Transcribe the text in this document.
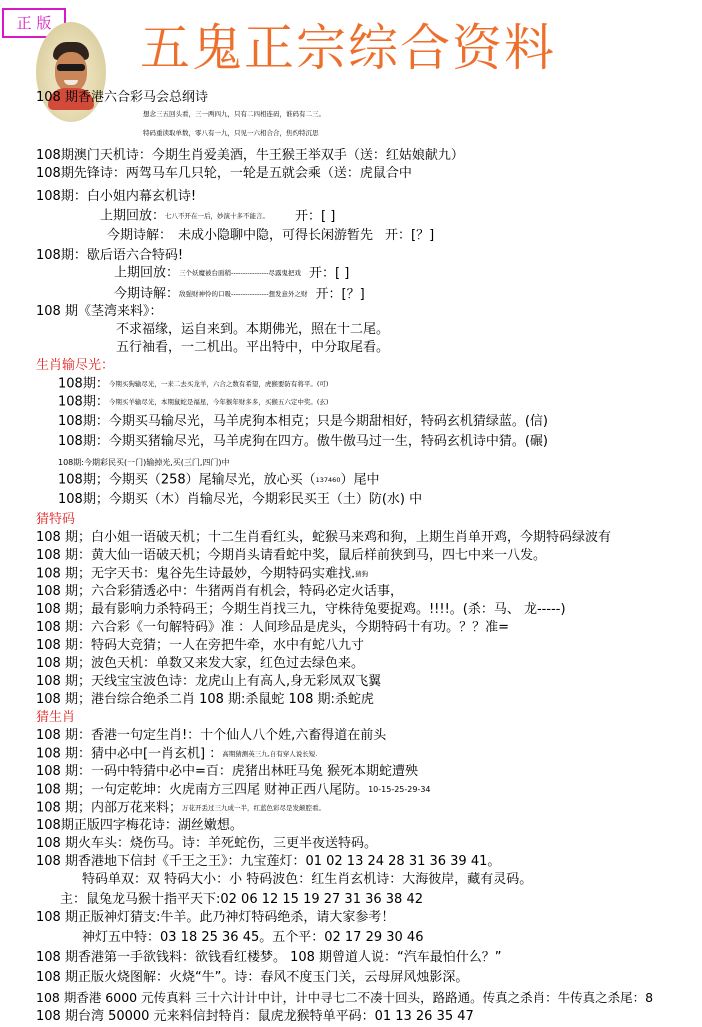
正 版 五鬼正宗综合资料
108 期香港六合彩马会总纲诗
想念三五回头看，三一两四九，只有二四相连码，谁码有二三。
特码重读取单数，零八有一九，只见一六相合合，焦灼特沉思
108期澳门天机诗：今期生肖爱美酒，牛王猴王举双手（送：红姑娘献九）
108期先锋诗：两驾马车几只轮，一轮是五就会乘（送：虎鼠合中
108期：白小姐内幕玄机诗!
上期回放：七八不开在一后，妙演十多不能言。 开：[ ]
今期诗解： 未成小隐聊中隐，可得长闲游暂先 开：[？]
108期：歇后语六合特码!
上期回放：三个妖魔被台面稍----------------尽露鬼把戏 开：[ ]
今期诗解：敌强财神怜的口吸----------------想发意外之财 开：[？]
108 期《茎湾来料》：
不求福缘，运自来到。本期佛光，照在十二尾。
五行袖看，一二机出。平出特中，中分取尾看。
生肖输尽光：
108期：今期买狗输尽光，一来二去买龙羊，六合之数有希望，虎猴要防有将平。(可)
108期：今期买羊输尽光，本期鼠蛇是福星，今年猴年财多多，买猴五六定中奖。(玄)
108期：今期买马输尽光，马羊虎狗本相克；只是今期甜相好，特码玄机猜绿蓝。(信)
108期：今期买猪输尽光，马羊虎狗在四方。傲牛傲马过一生，特码玄机诗中猜。(碾)
108期:今期彩民买(一门)输掉光,买(三门,四门)中
108期；今期买（258）尾输尽光，放心买（137460）尾中
108期；今期买（木）肖输尽光，今期彩民买王（土）防(水) 中
猜特码
108 期；白小姐一语破天机；十二生肖看红头，蛇猴马来鸡和狗，上期生肖单开鸡，今期特码绿波有
108 期：黄大仙一语破天机；今期肖头请看蛇中奖，鼠后样前狭到马，四七中来一八发。
108 期；无字天书：鬼谷先生诗最妙，今期特码实难找.猜狗
108 期；六合彩猜透必中：牛猪两肖有机会，特码必定火话事，
108 期；最有影响力杀特码王；今期生肖找三九，守株待兔要捉鸡。!!!!。(杀：马、 龙-----)
108 期：六合彩《一句解特码》准 ：人间珍品是虎头，今期特码十有功。？？准=
108 期：特码大竞猜；一人在旁把牛牵，水中有蛇八九寸
108 期；波色天机：单数又来发大家，红色过去绿色来。
108 期；天线宝宝波色诗：龙虎山上有高人,身无彩凤双飞翼
108 期；港台综合绝杀二肖 108 期:杀鼠蛇 108 期:杀蛇虎
猜生肖
108 期：香港一句定生肖!：十个仙人八个姓,六畜得道在前头
108 期：猜中必中[一肖玄机] ：高期猜测英三九,自有穿人说长短.
108 期：一码中特猜中必中=百：虎猪出林旺马兔 猴死本期蛇遭殃
108 期；一句定乾坤：火虎南方三四尾 财神正西八尾防。10-15-25-29-34
108 期；内部万花来料；万花开丢过三九成一半，红蓝色彩尽是发颠腔看。
108期正版四字梅花诗：湖丝嫩想。
108 期火车头：烧伤马。诗：羊死蛇伤，三更半夜送特码。
108 期香港地下信封《千王之王》：九宝莲灯：01 02 13 24 28 31 36 39 41。
特码单双：双 特码大小：小 特码波色：红生肖玄机诗：大海彼岸，藏有灵码。
主：鼠兔龙马猴十指平天下:02 06 12 15 19 27 31 36 38 42
108 期正版神灯猜支:牛羊。此乃神灯特码绝杀，请大家参考！
神灯五中特：03 18 25 36 45。五个平：02 17 29 30 46
108 期香港第一手欲钱料：欲钱看红楼梦。 108 期曾道人说：“汽车最怕什么？”
108 期正版火烧图解：火烧“牛”。诗：春风不度玉门关，云母屏风烛影深。
108 期香港 6000 元传真料 三十六计计中计，计中寻七二不凑十回头，路路通。传真之杀肖：牛传真之杀尾：8
108 期台湾 50000 元来料信封特肖：鼠虎龙猴特单平码：01 13 26 35 47
